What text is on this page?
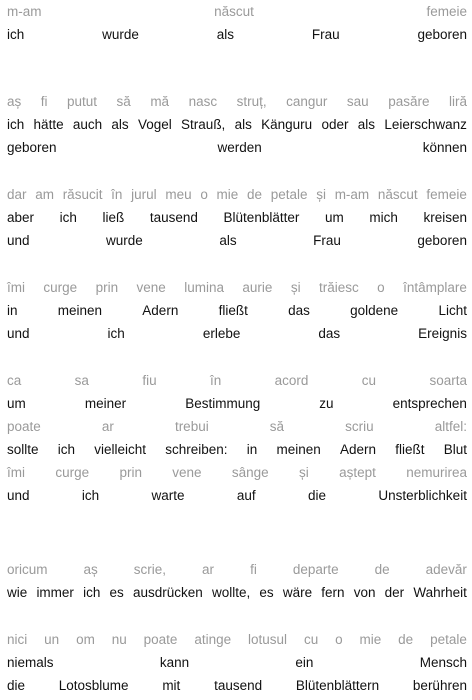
m-am	născut	femeie
ich	wurde	als	Frau	geboren
aș fi putut să mă nasc struț, cangur sau pasăre liră
ich hätte auch als Vogel Strauß, als Känguru oder als Leierschwanz
geboren	werden	können
dar am răsucit în jurul meu o mie de petale și m-am născut femeie
aber ich ließ tausend Blütenblätter um mich kreisen
und	wurde	als	Frau	geboren
îmi curge prin vene lumina aurie și trăiesc o întâmplare
in	meinen	Adern	fließt	das	goldene	Licht
und	ich	erlebe	das	Ereignis
ca	sa	fiu	în	acord	cu	soarta
um	meiner	Bestimmung	zu	entsprechen
poate	ar	trebui	să	scriu	altfel:
sollte ich vielleicht schreiben: in meinen Adern fließt Blut
îmi curge prin vene sânge și aștept nemurirea
und	ich	warte	auf	die	Unsterblichkeit
oricum	aș	scrie,	ar	fi	departe	de	adevăr
wie immer ich es ausdrücken wollte, es wäre fern von der Wahrheit
nici un om nu poate atinge lotusul cu o mie de petale
niemals	kann	ein	Mensch
die	Lotosblume	mit	tausend	Blütenblättern	berühren
